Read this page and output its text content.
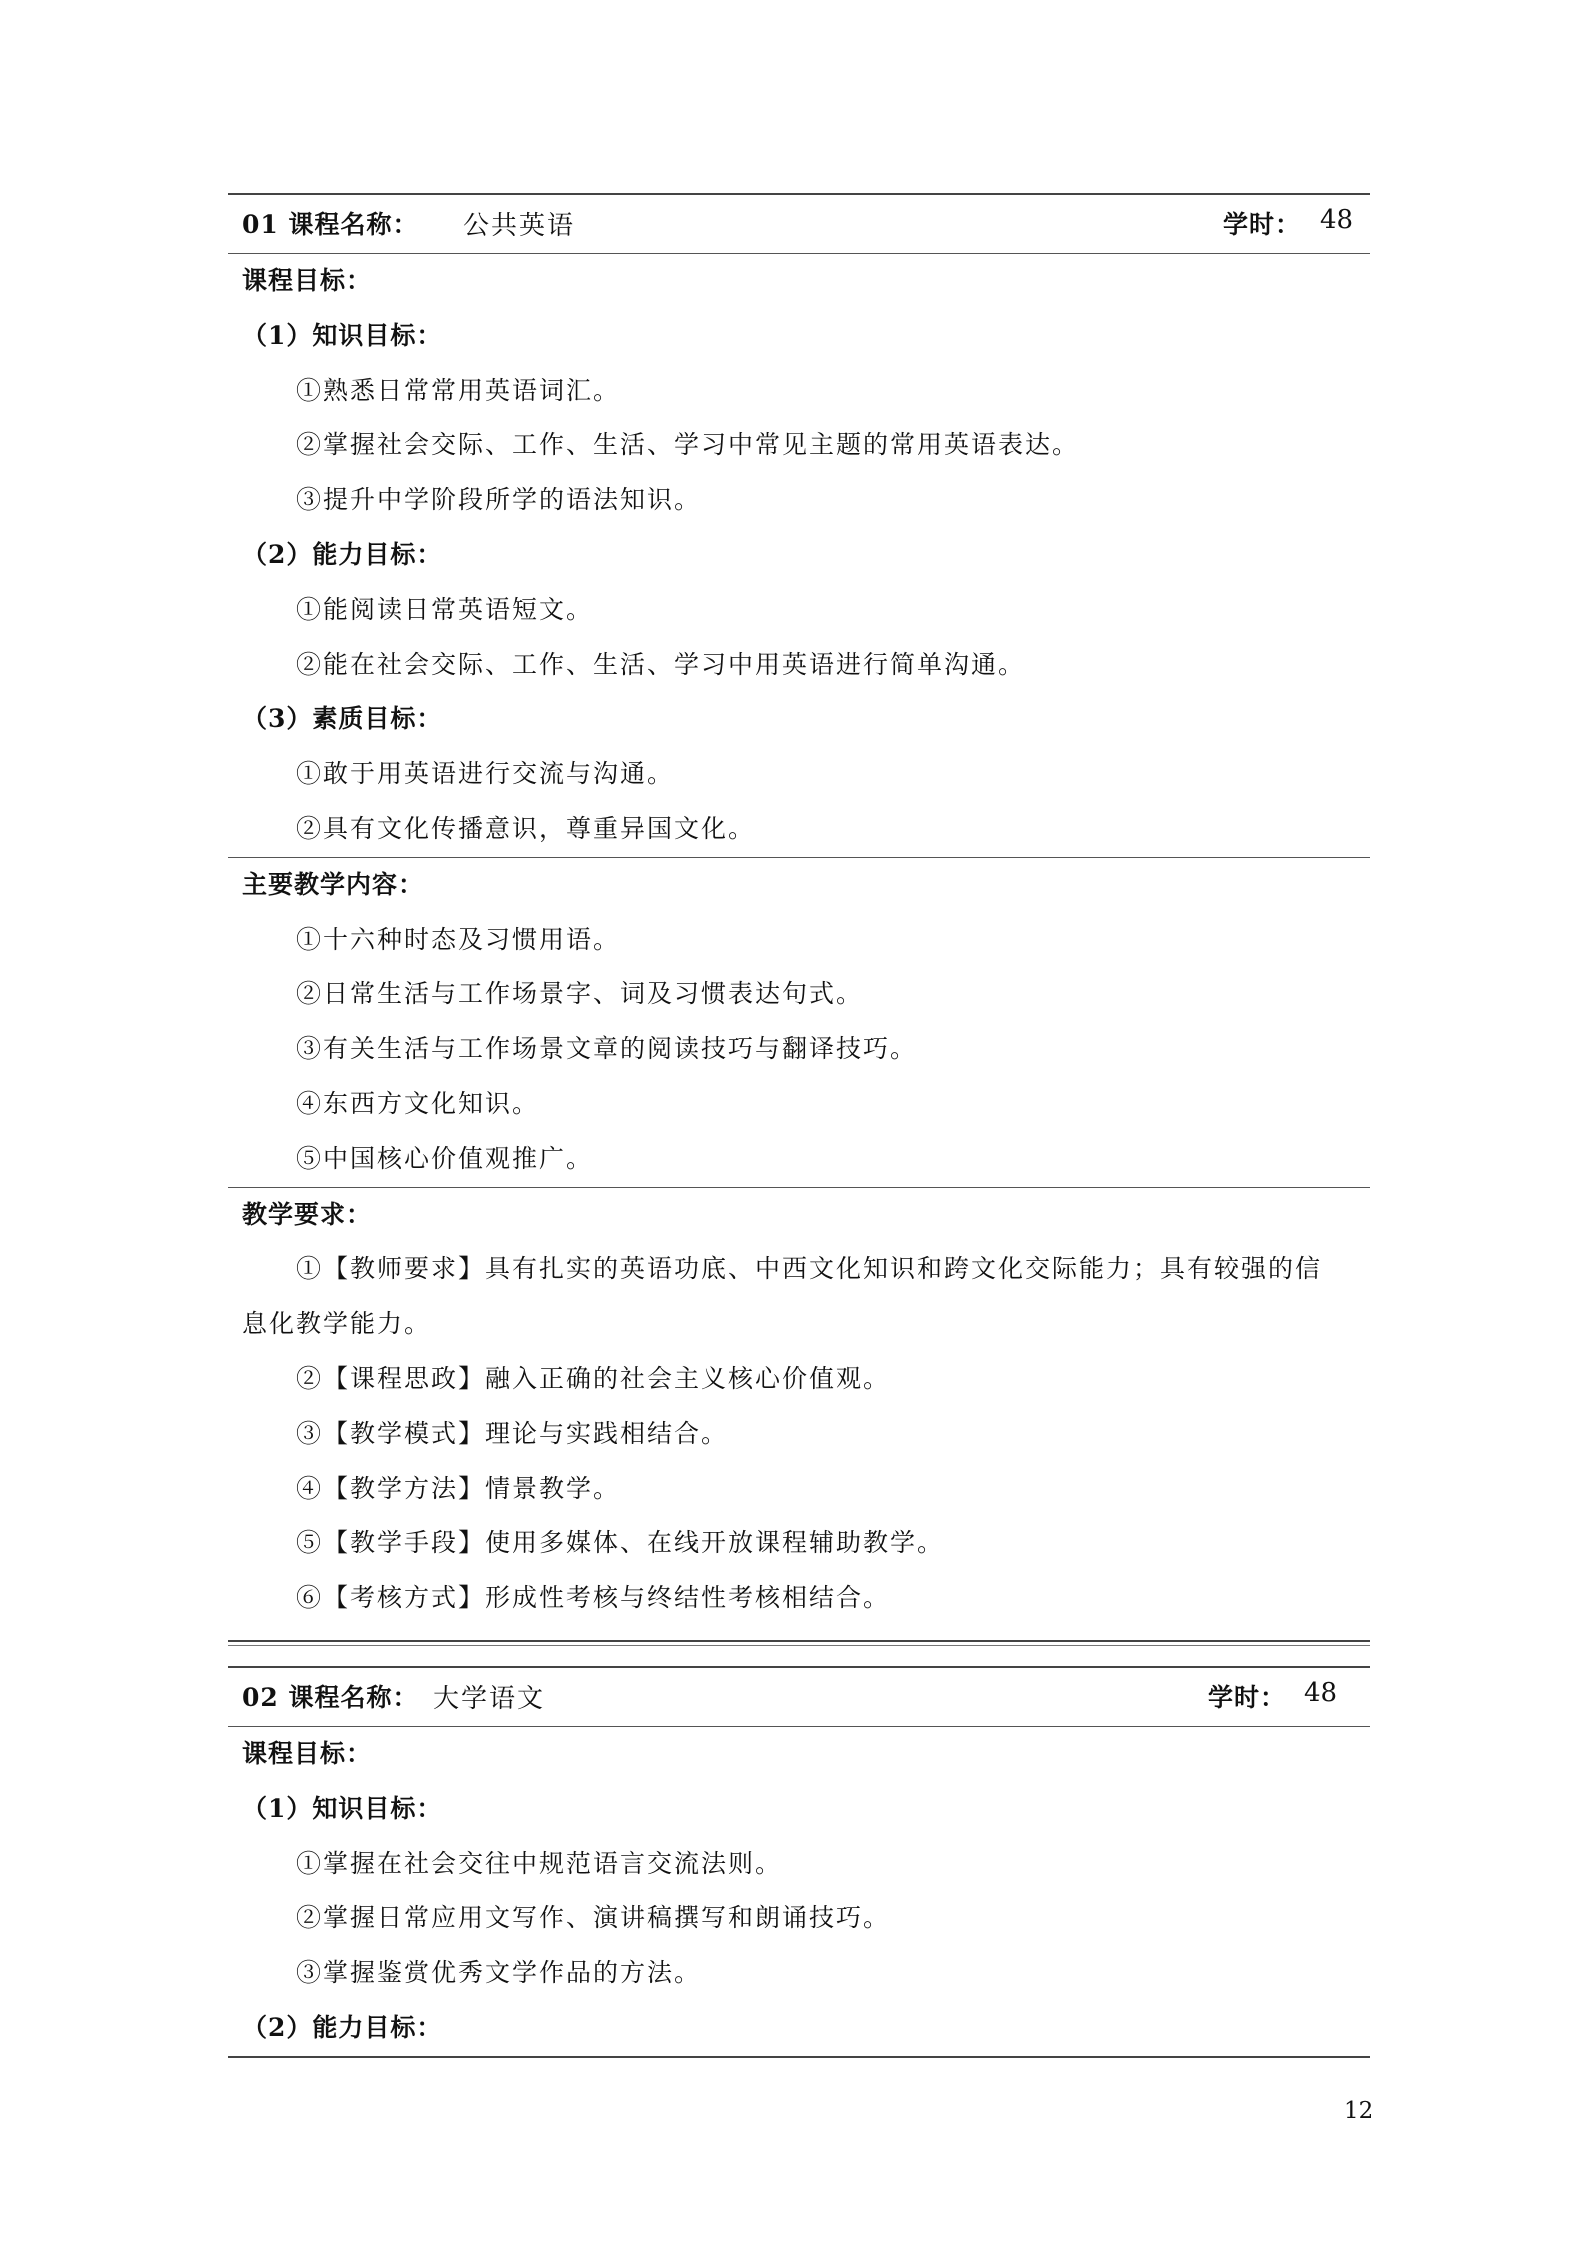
01 课程名称： 公共英语	学时： 48
课程目标：
（1）知识目标：
①熟悉日常常用英语词汇。
②掌握社会交际、工作、生活、学习中常见主题的常用英语表达。
③提升中学阶段所学的语法知识。
（2）能力目标：
①能阅读日常英语短文。
②能在社会交际、工作、生活、学习中用英语进行简单沟通。
（3）素质目标：
①敢于用英语进行交流与沟通。
②具有文化传播意识，尊重异国文化。
主要教学内容：
①十六种时态及习惯用语。
②日常生活与工作场景字、词及习惯表达句式。
③有关生活与工作场景文章的阅读技巧与翻译技巧。
④东西方文化知识。
⑤中国核心价值观推广。
教学要求：
①【教师要求】具有扎实的英语功底、中西文化知识和跨文化交际能力；具有较强的信
息化教学能力。
②【课程思政】融入正确的社会主义核心价值观。
③【教学模式】理论与实践相结合。
④【教学方法】情景教学。
⑤【教学手段】使用多媒体、在线开放课程辅助教学。
⑥【考核方式】形成性考核与终结性考核相结合。
02 课程名称： 大学语文	学时： 48
课程目标：
（1）知识目标：
①掌握在社会交往中规范语言交流法则。
②掌握日常应用文写作、演讲稿撰写和朗诵技巧。
③掌握鉴赏优秀文学作品的方法。
（2）能力目标：
12
